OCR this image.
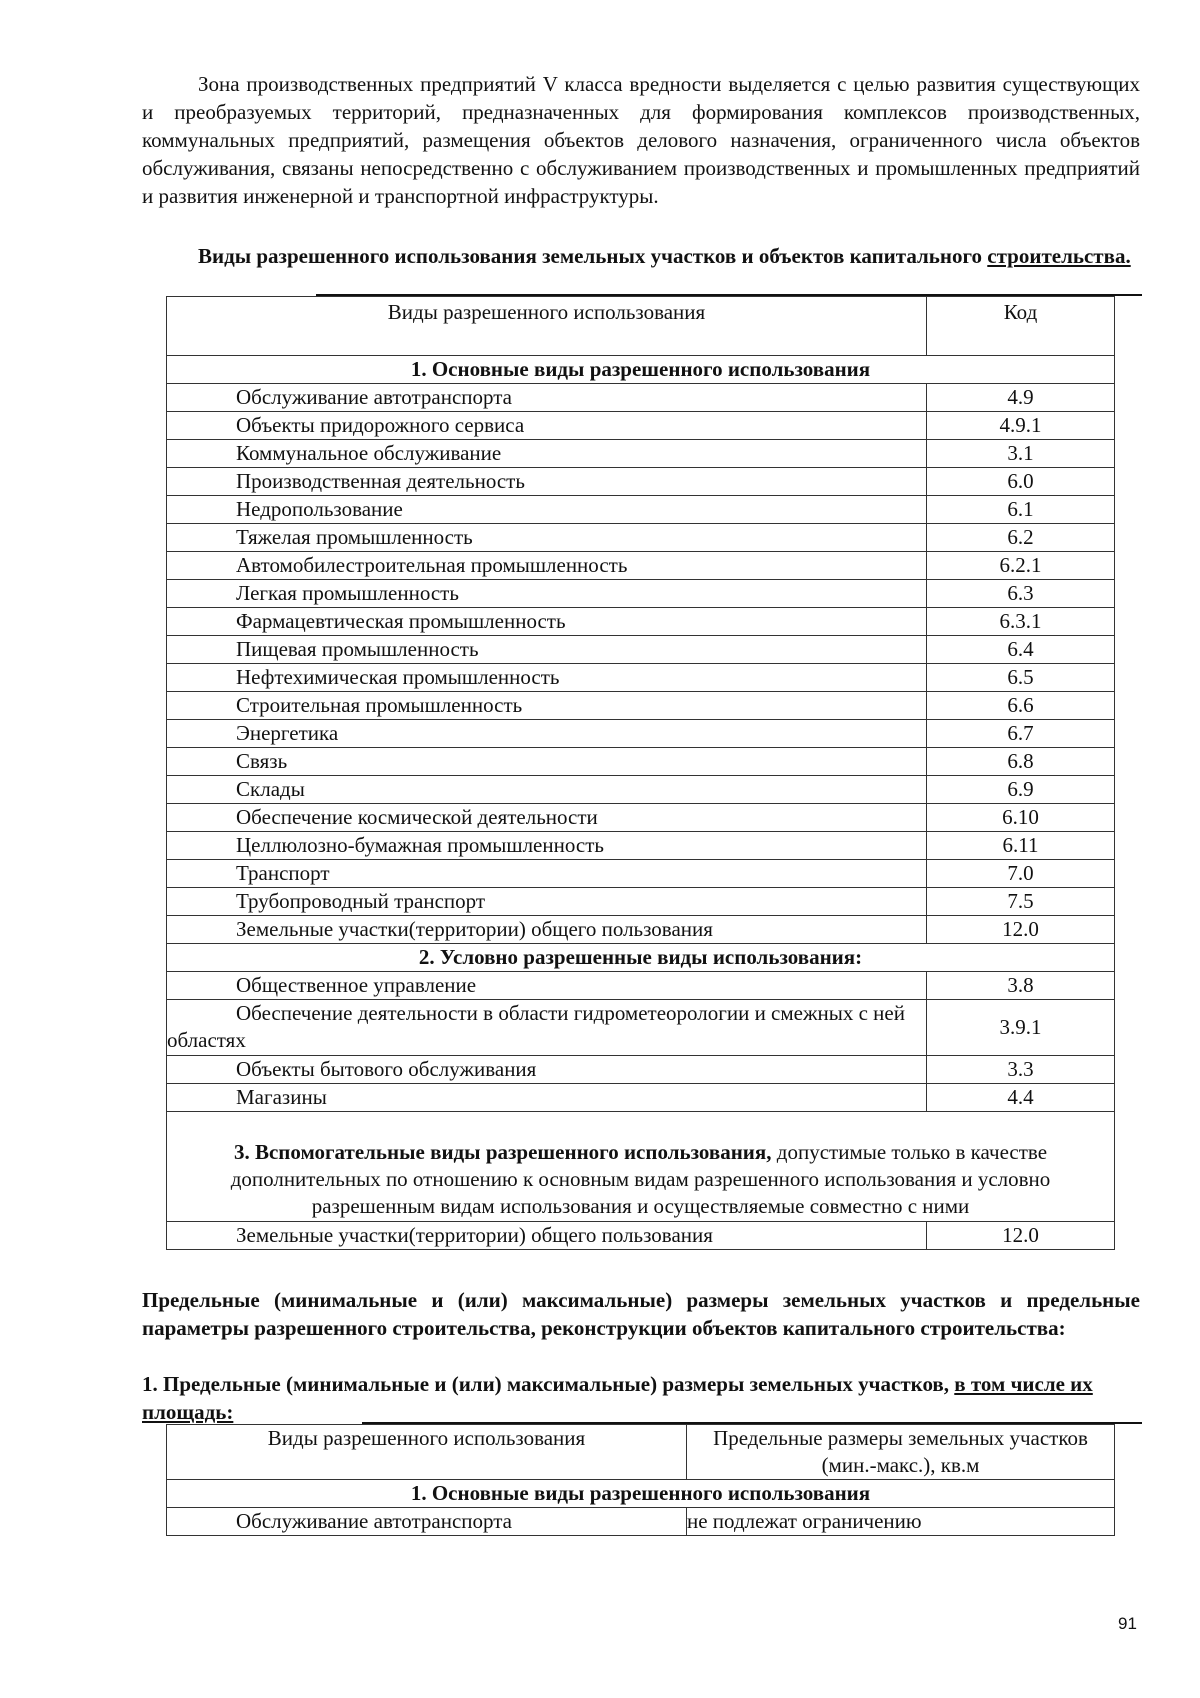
Зона производственных предприятий V класса вредности выделяется с целью развития существующих и преобразуемых территорий, предназначенных для формирования комплексов производственных, коммунальных предприятий, размещения объектов делового назначения, ограниченного числа объектов обслуживания, связаны непосредственно с обслуживанием производственных и промышленных предприятий и развития инженерной и транспортной инфраструктуры.

Виды разрешенного использования земельных участков и объектов капитального строительства.

Виды разрешенного использования	Код
1. Основные виды разрешенного использования	
Обслуживание автотранспорта	4.9
Объекты придорожного сервиса	4.9.1
Коммунальное обслуживание	3.1
Производственная деятельность	6.0
Недропользование	6.1
Тяжелая промышленность	6.2
Автомобилестроительная промышленность	6.2.1
Легкая промышленность	6.3
Фармацевтическая промышленность	6.3.1
Пищевая промышленность	6.4
Нефтехимическая промышленность	6.5
Строительная промышленность	6.6
Энергетика	6.7
Связь	6.8
Склады	6.9
Обеспечение космической деятельности	6.10
Целлюлозно-бумажная промышленность	6.11
Транспорт	7.0
Трубопроводный транспорт	7.5
Земельные участки(территории) общего пользования	12.0
2. Условно разрешенные виды использования:	
Общественное управление	3.8
Обеспечение деятельности в области гидрометеорологии и смежных с ней областях	3.9.1
Объекты бытового обслуживания	3.3
Магазины	4.4
3. Вспомогательные виды разрешенного использования, допустимые только в качестве дополнительных по отношению к основным видам разрешенного использования и условно разрешенным видам использования и осуществляемые совместно с ними	
Земельные участки(территории) общего пользования	12.0

Предельные (минимальные и (или) максимальные) размеры земельных участков и предельные параметры разрешенного строительства, реконструкции объектов капитального строительства:

1. Предельные (минимальные и (или) максимальные) размеры земельных участков, в том числе их площадь:

Виды разрешенного использования	Предельные размеры земельных участков (мин.-макс.), кв.м
1. Основные виды разрешенного использования	
Обслуживание автотранспорта	не подлежат ограничению
91
